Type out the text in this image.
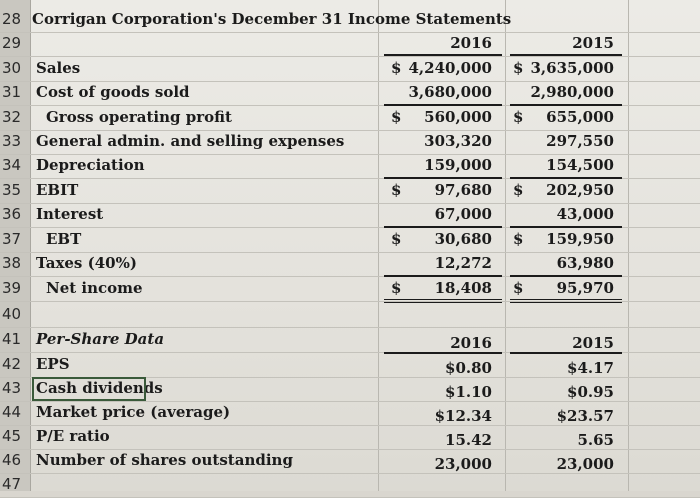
28 Corrigan Corporation's December 31 Income Statements
29	2016	2015
30 Sales	$ 4,240,000 $ 3,635,000
31 Cost of goods sold	3,680,000	2,980,000
32	Gross operating profit	$ 560,000 $ 655,000
33 General admin. and selling expenses	303,320	297,550
34 Depreciation	159,000	154,500
35 EBIT	$ 97,680 $ 202,950
36 Interest	67,000	43,000
37	EBT	$ 30,680 $ 159,950
38 Taxes (40%)	12,272	63,980
39	Net income	$ 18,408 $ 95,970
40
41 Per-Share Data	2016	2015
42 EPS	$0.80	$4.17
43 Cash dividends	$1.10	$0.95
44 Market price (average)	$12.34	$23.57
45 P/E ratio	15.42	5.65
46 Number of shares outstanding	23,000	23,000
47
